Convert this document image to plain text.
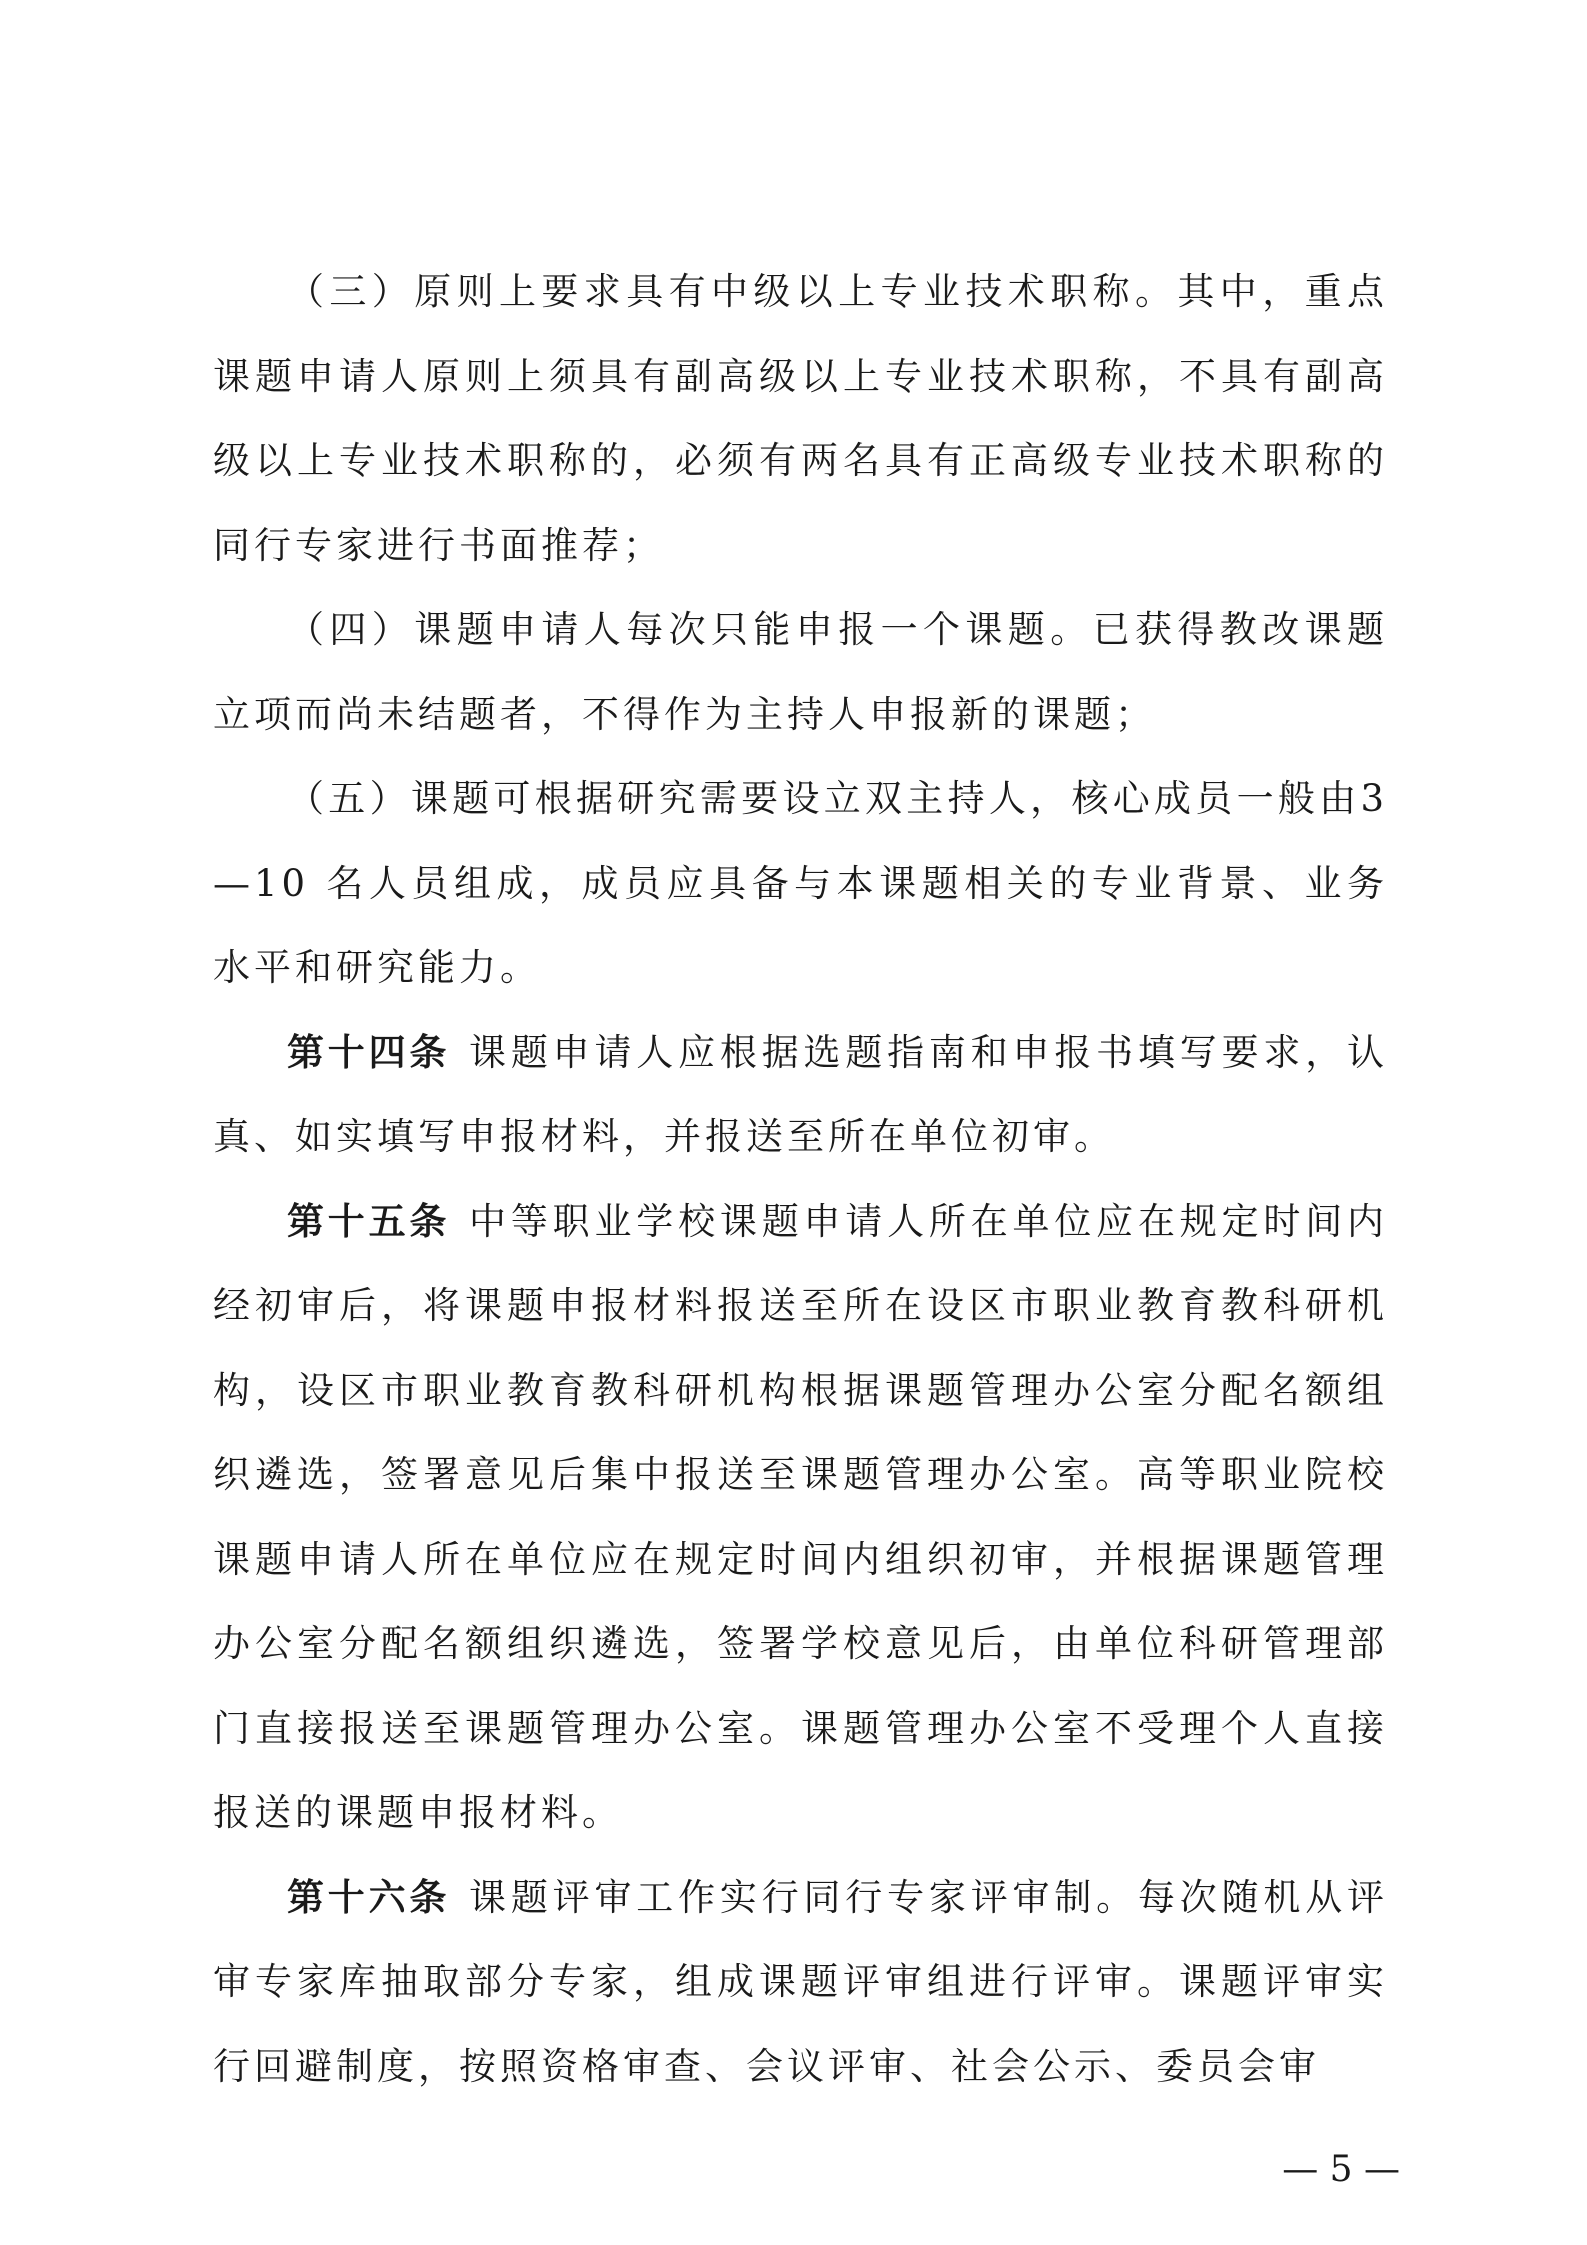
（三）原则上要求具有中级以上专业技术职称。其中，重点课题申请人原则上须具有副高级以上专业技术职称，不具有副高级以上专业技术职称的，必须有两名具有正高级专业技术职称的同行专家进行书面推荐；

（四）课题申请人每次只能申报一个课题。已获得教改课题立项而尚未结题者，不得作为主持人申报新的课题；

（五）课题可根据研究需要设立双主持人，核心成员一般由3—10 名人员组成，成员应具备与本课题相关的专业背景、业务水平和研究能力。

第十四条 课题申请人应根据选题指南和申报书填写要求，认真、如实填写申报材料，并报送至所在单位初审。

第十五条 中等职业学校课题申请人所在单位应在规定时间内经初审后，将课题申报材料报送至所在设区市职业教育教科研机构，设区市职业教育教科研机构根据课题管理办公室分配名额组织遴选，签署意见后集中报送至课题管理办公室。高等职业院校课题申请人所在单位应在规定时间内组织初审，并根据课题管理办公室分配名额组织遴选，签署学校意见后，由单位科研管理部门直接报送至课题管理办公室。课题管理办公室不受理个人直接报送的课题申报材料。

第十六条 课题评审工作实行同行专家评审制。每次随机从评审专家库抽取部分专家，组成课题评审组进行评审。课题评审实行回避制度，按照资格审查、会议评审、社会公示、委员会审

— 5 —
